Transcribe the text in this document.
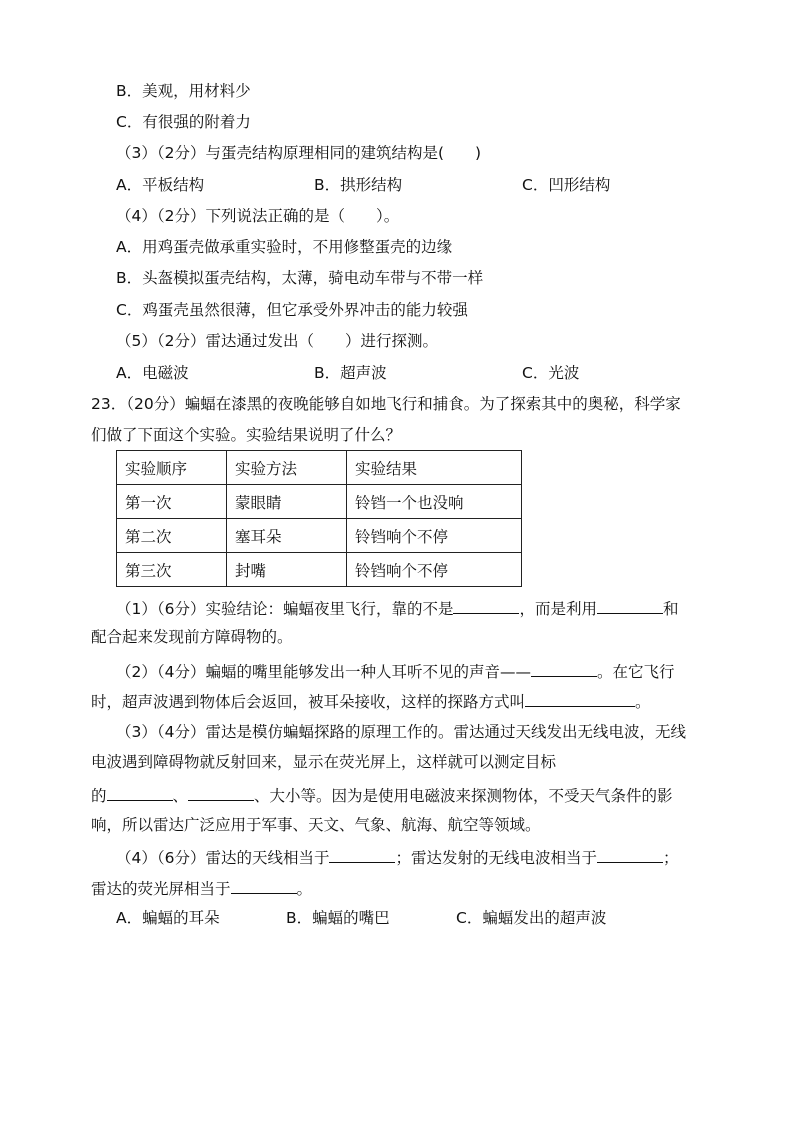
B．美观，用材料少
C．有很强的附着力
（3）（2分）与蛋壳结构原理相同的建筑结构是(　　)
A．平板结构	B．拱形结构	C．凹形结构
（4）（2分）下列说法正确的是（　　）。
A．用鸡蛋壳做承重实验时，不用修整蛋壳的边缘
B．头盔模拟蛋壳结构，太薄，骑电动车带与不带一样
C．鸡蛋壳虽然很薄，但它承受外界冲击的能力较强
（5）（2分）雷达通过发出（　　）进行探测。
A．电磁波	B．超声波	C．光波
23．（20分）蝙蝠在漆黑的夜晚能够自如地飞行和捕食。为了探索其中的奥秘，科学家
们做了下面这个实验。实验结果说明了什么？
实验顺序	实验方法	实验结果
第一次	蒙眼睛	铃铛一个也没响
第二次	塞耳朵	铃铛响个不停
第三次	封嘴	铃铛响个不停
（1）（6分）实验结论：蝙蝠夜里飞行，靠的不是	，而是利用	和
配合起来发现前方障碍物的。
（2）（4分）蝙蝠的嘴里能够发出一种人耳听不见的声音——	。在它飞行
时，超声波遇到物体后会返回，被耳朵接收，这样的探路方式叫	。
（3）（4分）雷达是模仿蝙蝠探路的原理工作的。雷达通过天线发出无线电波，无线
电波遇到障碍物就反射回来，显示在荧光屏上，这样就可以测定目标
的	、	、大小等。因为是使用电磁波来探测物体，不受天气条件的影
响，所以雷达广泛应用于军事、天文、气象、航海、航空等领域。
（4）（6分）雷达的天线相当于	；雷达发射的无线电波相当于	；
雷达的荧光屏相当于	。
A．蝙蝠的耳朵	B．蝙蝠的嘴巴	C．蝙蝠发出的超声波
